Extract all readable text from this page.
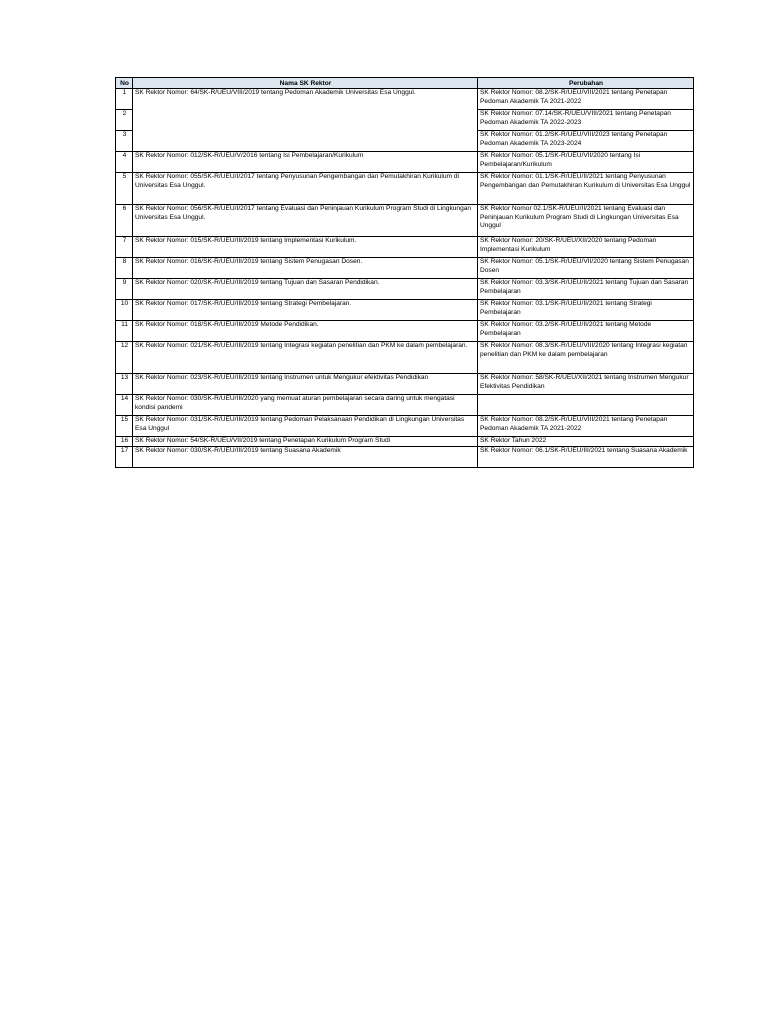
No	Nama SK Rektor	Perubahan
1	SK Rektor Nomor: 64/SK-R/UEU/VIII/2019 tentang Pedoman Akademik Universitas Esa Unggul.	SK Rektor Nomor: 08.2/SK-R/UEU/VIII/2021 tentang Penetapan Pedoman Akademik TA 2021-2022
2		SK Rektor Nomor: 07.14/SK-R/UEU/VIII/2021 tentang Penetapan Pedoman Akademik TA 2022-2023
3		SK Rektor Nomor: 01.2/SK-R/UEU/VIII/2023 tentang Penetapan Pedoman Akademik TA 2023-2024
4	SK Rektor Nomor: 012/SK-R/UEU/V/2016 tentang Isi Pembelajaran/Kurikulum	SK Rektor Nomor: 05.1/SK-R/UEU/VII/2020 tentang Isi Pembelajaran/Kurikulum
5	SK Rektor Nomor: 055/SK-R/UEU/I/2017 tentang Penyusunan Pengembangan dan Pemutakhiran Kurikulum di Universitas Esa Unggul.	SK Rektor Nomor: 01.1/SK-R/UEU/II/2021 tentang Penyusunan Pengembangan dan Pemutakhiran Kurikulum di Universitas Esa Unggul
6	SK Rektor Nomor: 056/SK-R/UEU/I/2017 tentang Evaluasi dan Peninjauan Kurikulum Program Studi di Lingkungan Universitas Esa Unggul.	SK Rektor Nomor 02.1/SK-R/UEU/II/2021 tentang Evaluasi dan Peninjauan Kurikulum Program Studi di Lingkungan Universitas Esa Unggul
7	SK Rektor Nomor: 015/SK-R/UEU/III/2019 tentang Implementasi Kurikulum.	SK Rektor Nomor: 20/SK-R/UEU/XII/2020 tentang Pedoman Implementasi Kurikulum
8	SK Rektor Nomor: 016/SK-R/UEU/III/2019 tentang Sistem Penugasan Dosen.	SK Rektor Nomor: 05.1/SK-R/UEU/VII/2020 tentang Sistem Penugasan Dosen
9	SK Rektor Nomor: 020/SK-R/UEU/III/2019 tentang Tujuan dan Sasaran Pendidikan.	SK Rektor Nomor: 03.3/SK-R/UEU/II/2021 tentang Tujuan dan Sasaran Pembelajaran
10	SK Rektor Nomor: 017/SK-R/UEU/III/2019 tentang Strategi Pembelajaran.	SK Rektor Nomor: 03.1/SK-R/UEU/II/2021 tentang Strategi Pembelajaran
11	SK Rektor Nomor: 018/SK-R/UEU/III/2019 Metode Pendidikan.	SK Rektor Nomor: 03.2/SK-R/UEU/II/2021 tentang Metode Pembelajaran
12	SK Rektor Nomor: 021/SK-R/UEU/III/2019 tentang Integrasi kegiatan penelitian dan PKM ke dalam pembelajaran.	SK Rektor Nomor: 08.3/SK-R/UEU/VIII/2020 tentang Integrasi kegiatan penelitian dan PKM ke dalam pembelajaran
13	SK Rektor Nomor: 023/SK-R/UEU/III/2019 tentang Instrumen untuk Mengukur efektivitas Pendidikan	SK Rektor Nomor: 58/SK-R/UEU/XII/2021 tentang Instrumen Mengukur Efektivitas Pendidikan
14	SK Rektor Nomor: 030/SK-R/UEU/III/2020 yang memuat aturan pembelajaran secara daring untuk mengatasi kondisi pandemi	
15	SK Rektor Nomor: 031/SK-R/UEU/III/2019 tentang Pedoman Pelaksanaan Pendidikan di Lingkungan Universitas Esa Unggul	SK Rektor Nomor: 08.2/SK-R/UEU/VIII/2021 tentang Penetapan Pedoman Akademik TA 2021-2022
16	SK Rektor Nomor: 54/SK-R/UEU/VII/2019 tentang Penetapan Kurikulum Program Studi	SK Rektor Tahun 2022
17	SK Rektor Nomor: 030/SK-R/UEU/III/2019 tentang Suasana Akademik	SK Rektor Nomor: 06.1/SK-R/UEU/III/2021 tentang Suasana Akademik
